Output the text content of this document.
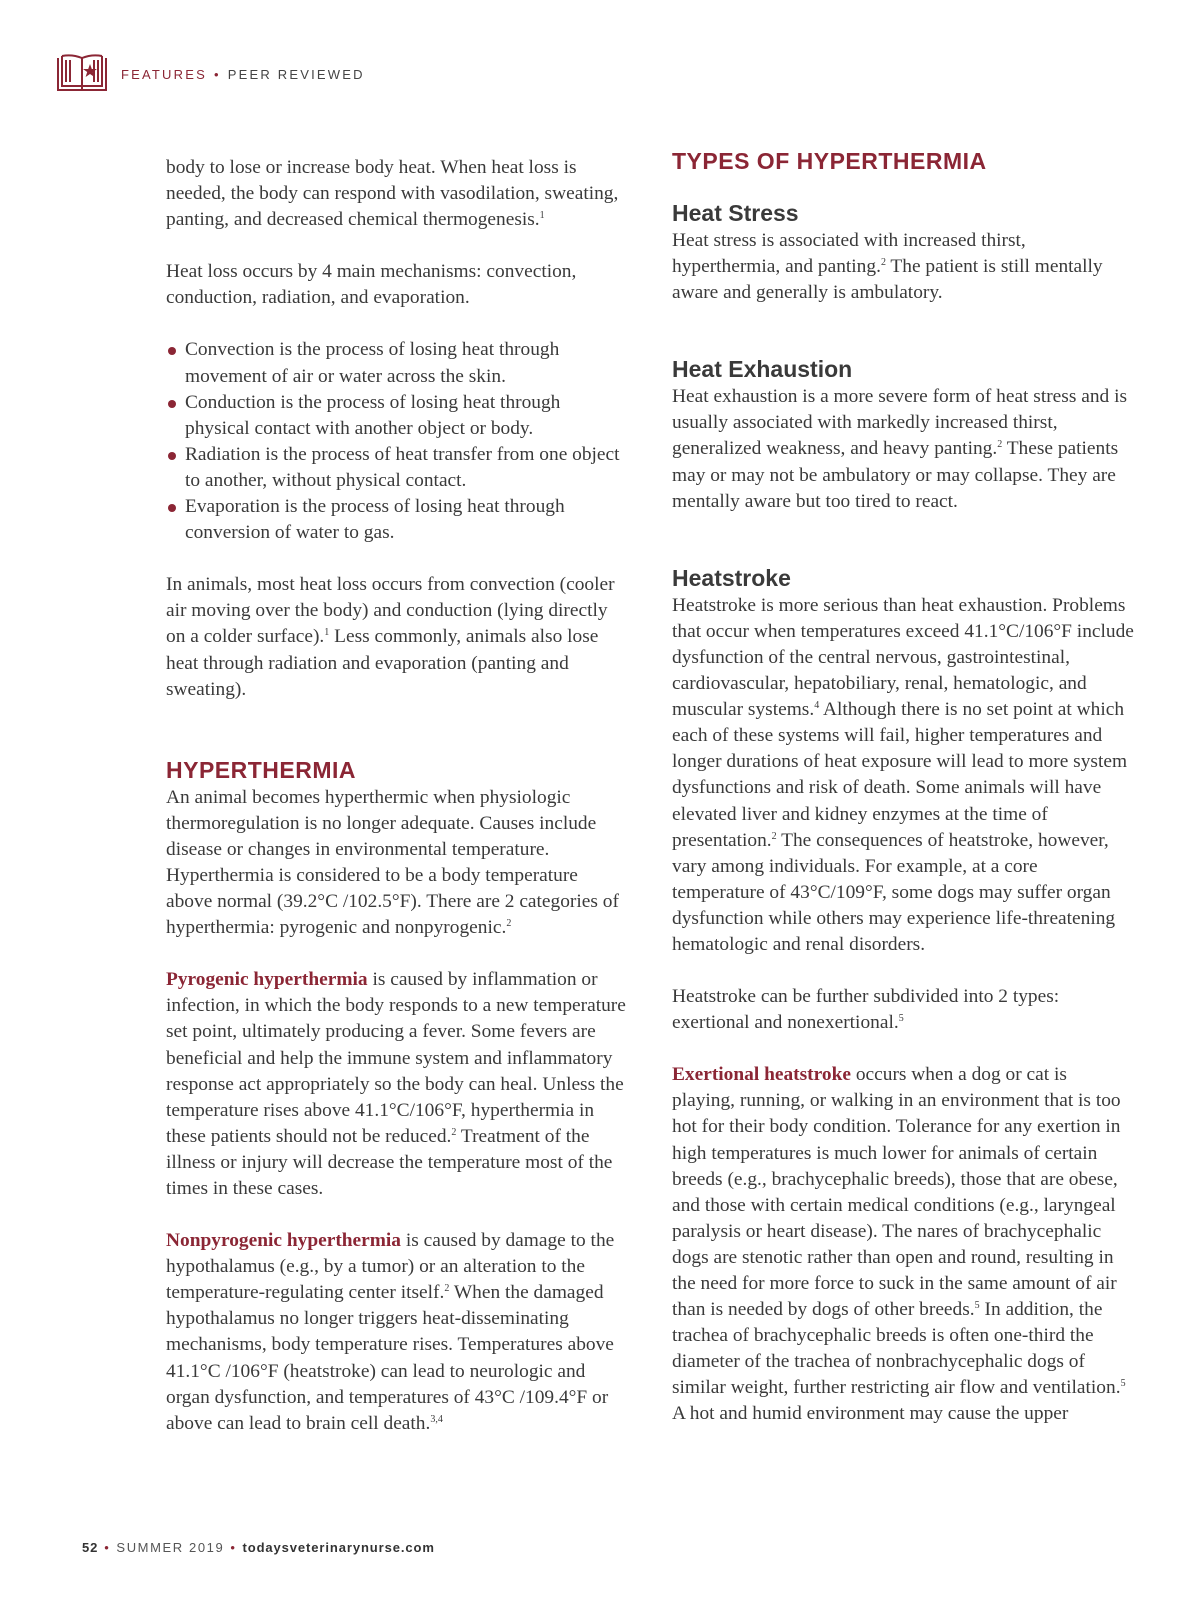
FEATURES • PEER REVIEWED

body to lose or increase body heat. When heat loss is needed, the body can respond with vasodilation, sweating, panting, and decreased chemical thermogenesis.$^1$

Heat loss occurs by 4 main mechanisms: convection, conduction, radiation, and evaporation.

Convection is the process of losing heat through movement of air or water across the skin.
Conduction is the process of losing heat through physical contact with another object or body.
Radiation is the process of heat transfer from one object to another, without physical contact.
Evaporation is the process of losing heat through conversion of water to gas.

In animals, most heat loss occurs from convection (cooler air moving over the body) and conduction (lying directly on a colder surface).$^1$ Less commonly, animals also lose heat through radiation and evaporation (panting and sweating).

HYPERTHERMIA

An animal becomes hyperthermic when physiologic thermoregulation is no longer adequate. Causes include disease or changes in environmental temperature. Hyperthermia is considered to be a body temperature above normal (39.2°C /102.5°F). There are 2 categories of hyperthermia: pyrogenic and nonpyrogenic.$^2$

Pyrogenic hyperthermia is caused by inflammation or infection, in which the body responds to a new temperature set point, ultimately producing a fever. Some fevers are beneficial and help the immune system and inflammatory response act appropriately so the body can heal. Unless the temperature rises above 41.1°C/106°F, hyperthermia in these patients should not be reduced.$^2$ Treatment of the illness or injury will decrease the temperature most of the times in these cases.

Nonpyrogenic hyperthermia is caused by damage to the hypothalamus (e.g., by a tumor) or an alteration to the temperature-regulating center itself.$^2$ When the damaged hypothalamus no longer triggers heat-disseminating mechanisms, body temperature rises. Temperatures above 41.1°C /106°F (heatstroke) can lead to neurologic and organ dysfunction, and temperatures of 43°C /109.4°F or above can lead to brain cell death.$^{3,4}$

TYPES OF HYPERTHERMIA
Heat Stress

Heat stress is associated with increased thirst, hyperthermia, and panting.$^2$ The patient is still mentally aware and generally is ambulatory.

Heat Exhaustion

Heat exhaustion is a more severe form of heat stress and is usually associated with markedly increased thirst, generalized weakness, and heavy panting.$^2$ These patients may or may not be ambulatory or may collapse. They are mentally aware but too tired to react.

Heatstroke

Heatstroke is more serious than heat exhaustion. Problems that occur when temperatures exceed 41.1°C/106°F include dysfunction of the central nervous, gastrointestinal, cardiovascular, hepatobiliary, renal, hematologic, and muscular systems.$^4$ Although there is no set point at which each of these systems will fail, higher temperatures and longer durations of heat exposure will lead to more system dysfunctions and risk of death. Some animals will have elevated liver and kidney enzymes at the time of presentation.$^2$ The consequences of heatstroke, however, vary among individuals. For example, at a core temperature of 43°C/109°F, some dogs may suffer organ dysfunction while others may experience life-threatening hematologic and renal disorders.

Heatstroke can be further subdivided into 2 types: exertional and nonexertional.$^5$

Exertional heatstroke occurs when a dog or cat is playing, running, or walking in an environment that is too hot for their body condition. Tolerance for any exertion in high temperatures is much lower for animals of certain breeds (e.g., brachycephalic breeds), those that are obese, and those with certain medical conditions (e.g., laryngeal paralysis or heart disease). The nares of brachycephalic dogs are stenotic rather than open and round, resulting in the need for more force to suck in the same amount of air than is needed by dogs of other breeds.$^5$ In addition, the trachea of brachycephalic breeds is often one-third the diameter of the trachea of nonbrachycephalic dogs of similar weight, further restricting air flow and ventilation.$^5$ A hot and humid environment may cause the upper

52 • SUMMER 2019 • todaysveterinarynurse.com
